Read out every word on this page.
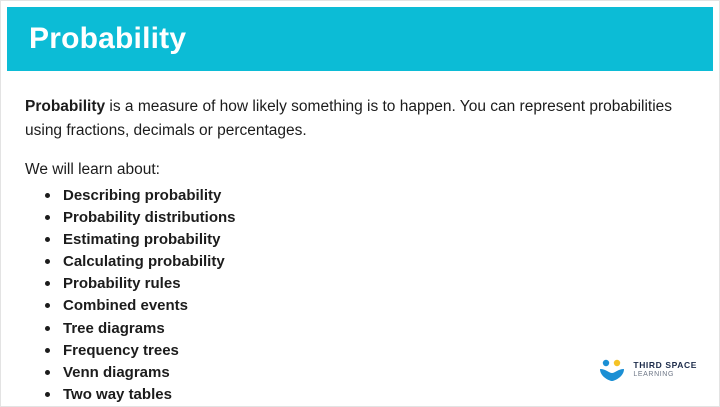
Probability

Probability is a measure of how likely something is to happen. You can represent probabilities using fractions, decimals or percentages.

We will learn about:

Describing probability
Probability distributions
Estimating probability
Calculating probability
Probability rules
Combined events
Tree diagrams
Frequency trees
Venn diagrams
Two way tables
THIRD SPACE
LEARNING
